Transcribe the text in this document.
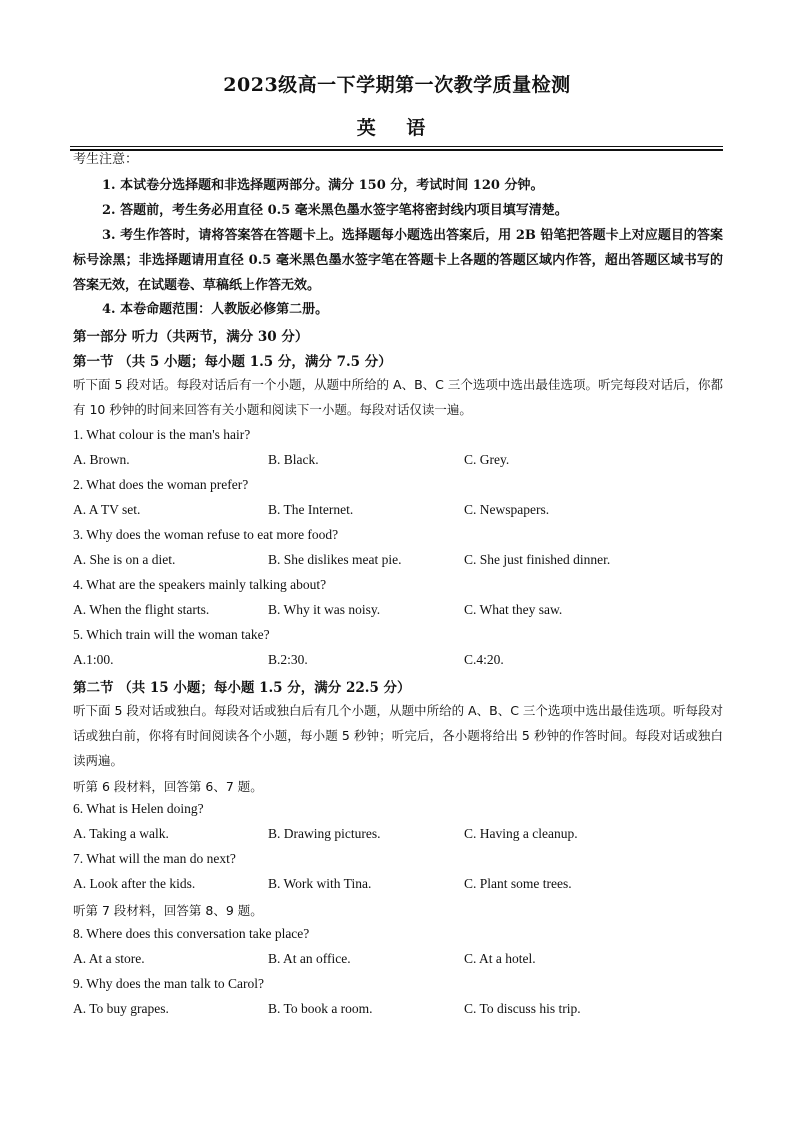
2023级高一下学期第一次教学质量检测
英 语
考生注意：
1. 本试卷分选择题和非选择题两部分。满分 150 分，考试时间 120 分钟。
2. 答题前，考生务必用直径 0.5 毫米黑色墨水签字笔将密封线内项目填写清楚。
3. 考生作答时，请将答案答在答题卡上。选择题每小题选出答案后，用 2B 铅笔把答题卡上对应题目的答案标号涂黑；非选择题请用直径 0.5 毫米黑色墨水签字笔在答题卡上各题的答题区域内作答，超出答题区域书写的答案无效，在试题卷、草稿纸上作答无效。
4. 本卷命题范围：人教版必修第二册。
第一部分 听力（共两节，满分 30 分）
第一节 （共 5 小题；每小题 1.5 分，满分 7.5 分）
听下面 5 段对话。每段对话后有一个小题，从题中所给的 A、B、C 三个选项中选出最佳选项。听完每段对话后，你都有 10 秒钟的时间来回答有关小题和阅读下一小题。每段对话仅读一遍。
1. What colour is the man's hair?
A. Brown.	B. Black.	C. Grey.
2. What does the woman prefer?
A. A TV set.	B. The Internet.	C. Newspapers.
3. Why does the woman refuse to eat more food?
A. She is on a diet.	B. She dislikes meat pie.	C. She just finished dinner.
4. What are the speakers mainly talking about?
A. When the flight starts.	B. Why it was noisy.	C. What they saw.
5. Which train will the woman take?
A.1:00.	B.2:30.	C.4:20.
第二节 （共 15 小题；每小题 1.5 分，满分 22.5 分）
听下面 5 段对话或独白。每段对话或独白后有几个小题，从题中所给的 A、B、C 三个选项中选出最佳选项。听每段对话或独白前，你将有时间阅读各个小题，每小题 5 秒钟；听完后，各小题将给出 5 秒钟的作答时间。每段对话或独白读两遍。
听第 6 段材料，回答第 6、7 题。
6. What is Helen doing?
A. Taking a walk.	B. Drawing pictures.	C. Having a cleanup.
7. What will the man do next?
A. Look after the kids.	B. Work with Tina.	C. Plant some trees.
听第 7 段材料，回答第 8、9 题。
8. Where does this conversation take place?
A. At a store.	B. At an office.	C. At a hotel.
9. Why does the man talk to Carol?
A. To buy grapes.	B. To book a room.	C. To discuss his trip.
